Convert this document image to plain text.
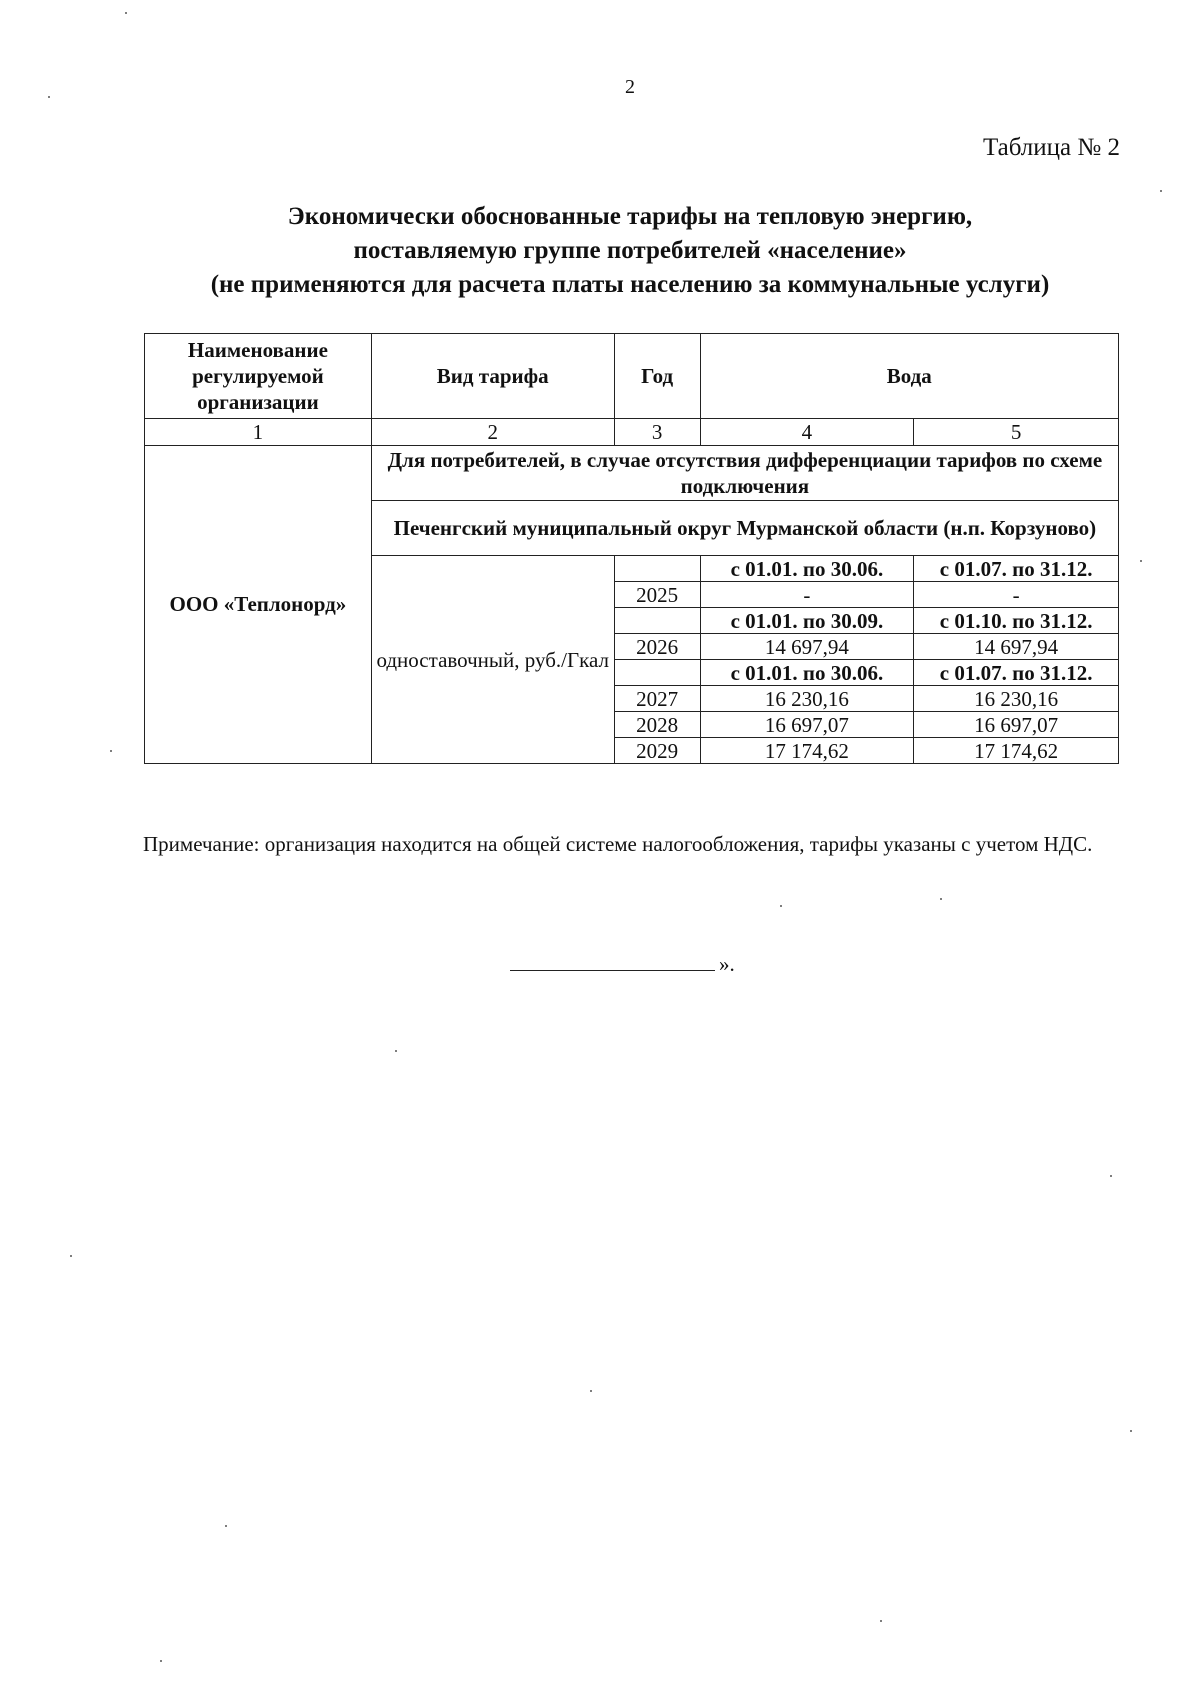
2
Таблица № 2
Экономически обоснованные тарифы на тепловую энергию,
поставляемую группе потребителей «население»
(не применяются для расчета платы населению за коммунальные услуги)
Наименование регулируемой организации	Вид тарифа	Год	Вода	
1	2	3	4	5
ООО «Теплонорд»	Для потребителей, в случае отсутствия дифференциации тарифов по схеме подключения			
	Печенгский муниципальный округ Мурманской области (н.п. Корзуново)			
	одноставочный, руб./Гкал		с 01.01. по 30.06.	с 01.07. по 31.12.
		2025	-	-
			с 01.01. по 30.09.	с 01.10. по 31.12.
		2026	14 697,94	14 697,94
			с 01.01. по 30.06.	с 01.07. по 31.12.
		2027	16 230,16	16 230,16
		2028	16 697,07	16 697,07
		2029	17 174,62	17 174,62
Примечание: организация находится на общей системе налогообложения, тарифы указаны с учетом НДС.
».
